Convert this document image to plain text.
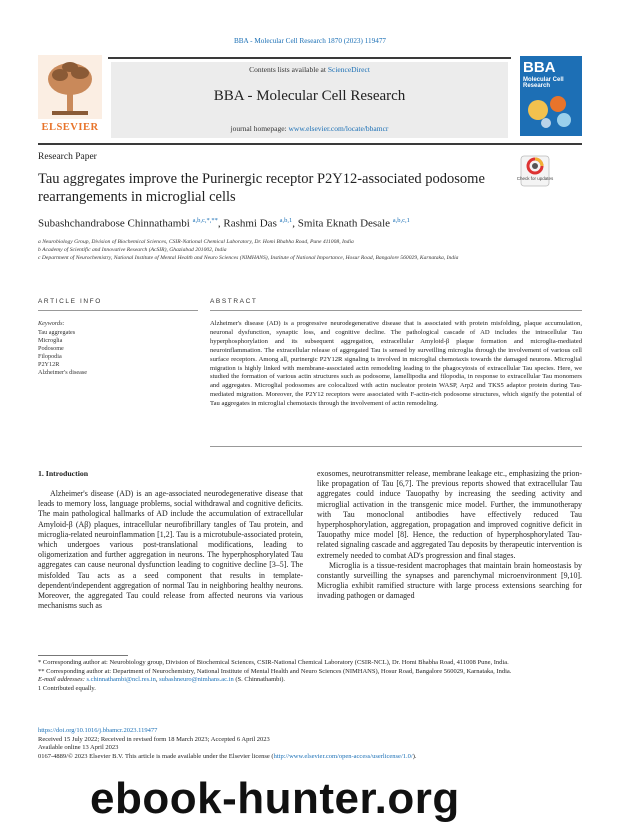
BBA - Molecular Cell Research 1870 (2023) 119477
ELSEVIER
Contents lists available at ScienceDirect
BBA - Molecular Cell Research
journal homepage: www.elsevier.com/locate/bbamcr
BBA
Molecular Cell Research
Research Paper
Tau aggregates improve the Purinergic receptor P2Y12-associated podosome rearrangements in microglial cells
Check for updates
Subashchandrabose Chinnathambi $^{a,b,c,*,**}$, Rashmi Das $^{a,b,1}$, Smita Eknath Desale $^{a,b,c,1}$
a Neurobiology Group, Division of Biochemical Sciences, CSIR-National Chemical Laboratory, Dr. Homi Bhabha Road, Pune 411008, India
b Academy of Scientific and Innovative Research (AcSIR), Ghaziabad 201002, India
c Department of Neurochemistry, National Institute of Mental Health and Neuro Sciences (NIMHANS), Institute of National Importance, Hosur Road, Bangalore 560029, Karnataka, India
ARTICLE INFO
Keywords:
Tau aggregates
Microglia
Podosome
Filopodia
P2Y12R
Alzheimer's disease
ABSTRACT
Alzheimer's disease (AD) is a progressive neurodegenerative disease that is associated with protein misfolding, plaque accumulation, neuronal dysfunction, synaptic loss, and cognitive decline. The pathological cascade of AD includes the intracellular Tau hyperphosphorylation and its subsequent aggregation, extracellular Amyloid-β plaque formation and microglia-mediated neuroinflammation. The extracellular release of aggregated Tau is sensed by surveilling microglia through the involvement of various cell surface receptors. Among all, purinergic P2Y12R signaling is involved in microglial chemotaxis towards the damaged neurons. Microglial migration is highly linked with membrane-associated actin remodeling leading to the phagocytosis of extracellular Tau species. Here, we studied the formation of various actin structures such as podosome, lamellipodia and filopodia, in response to extracellular Tau monomers and aggregates. Microglial podosomes are colocalized with actin nucleator protein WASP, Arp2 and TKS5 adaptor protein during Tau-mediated migration. Moreover, the P2Y12 receptors were associated with F-actin-rich podosome structures, which signify the potential of Tau aggregates in microglial chemotaxis through the involvement of actin remodeling.
1. Introduction

Alzheimer's disease (AD) is an age-associated neurodegenerative disease that leads to memory loss, language problems, social withdrawal and cognitive deficits. The main pathological hallmarks of AD include the accumulation of extracellular Amyloid-β (Aβ) plaques, intracellular neurofibrillary tangles of Tau protein, and microglia-related neuroinflammation [1,2]. Tau is a microtubule-associated protein, which undergoes various post-translational modifications, leading to oligomerization and further aggregation in neurons. The hyperphosphorylated Tau aggregates can cause neuronal dysfunction leading to cognitive decline [3–5]. The misfolded Tau acts as a seed component that results in template-dependent/independent aggregation of normal Tau in neighboring healthy neurons. Moreover, the aggregated Tau could release from affected neurons via various mechanisms such as

exosomes, neurotransmitter release, membrane leakage etc., emphasizing the prion-like propagation of Tau [6,7]. The previous reports showed that extracellular Tau aggregates could induce Tauopathy by increasing the seeding activity and microglial activation in the transgenic mice model. Further, the immunotherapy with Tau monoclonal antibodies have effectively reduced Tau hyperphosphorylation, aggregation, propagation and improved cognitive deficit in Tauopathy mice model [8]. Hence, the reduction of hyperphosphorylated Tau-related signaling cascade and aggregated Tau deposits by therapeutic intervention is extremely needed to combat AD's progression and final stages.

Microglia is a tissue-resident macrophages that maintain brain homeostasis by constantly surveilling the synapses and parenchymal microenvironment [9,10]. Microglia exhibit ramified structure with large process extensions searching for invading pathogen or damaged

* Corresponding author at: Neurobiology group, Division of Biochemical Sciences, CSIR-National Chemical Laboratory (CSIR-NCL), Dr. Homi Bhabha Road, 411008 Pune, India.

** Corresponding author at: Department of Neurochemistry, National Institute of Mental Health and Neuro Sciences (NIMHANS), Hosur Road, Bangalore 560029, Karnataka, India.

E-mail addresses: s.chinnathambi@ncl.res.in, subashneuro@nimhans.ac.in (S. Chinnathambi).

1 Contributed equally.

https://doi.org/10.1016/j.bbamcr.2023.119477
Received 15 July 2022; Received in revised form 18 March 2023; Accepted 6 April 2023
Available online 13 April 2023
0167-4889/© 2023 Elsevier B.V. This article is made available under the Elsevier license (http://www.elsevier.com/open-access/userlicense/1.0/).
ebook-hunter.org
